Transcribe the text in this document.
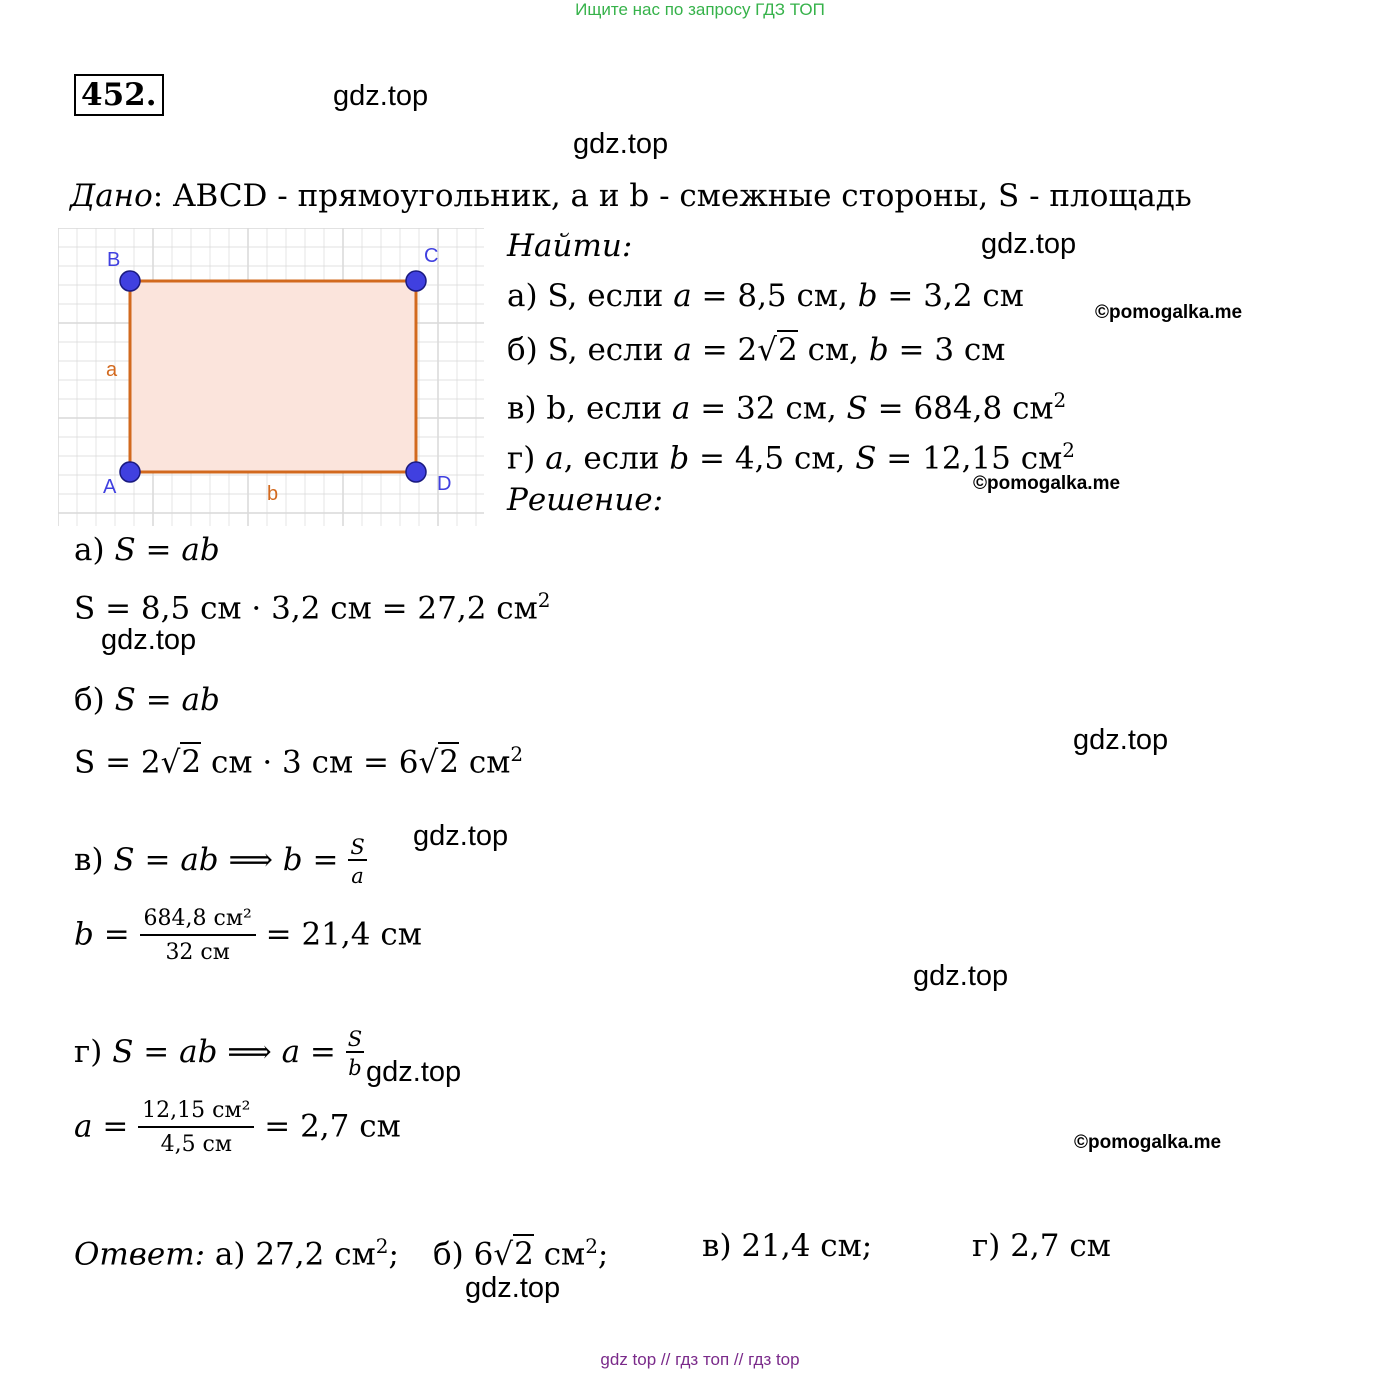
Ищите нас по запросу ГДЗ ТОП
452.	gdz.top
gdz.top
gdz.top
gdz.top
gdz.top
gdz.top
gdz.top
gdz.top
gdz.top
©pomogalka.me
©pomogalka.me
©pomogalka.me
Дано: ABCD - прямоугольник, a и b - смежные стороны, S - площадь
A
B	C
D
a
b
Найти:
а) S, если a = 8,5 см, b = 3,2 см
б) S, если a = 2√2 см, b = 3 см
в) b, если a = 32 см, S = 684,8 $см^2$
г) a, если b = 4,5 см, S = 12,15 $см^2$
Решение:
а) S = ab
S = 8,5 см · 3,2 см = 27,2 $см^2$
б) S = ab
S = 2√2 см · 3 см = 6√2 $см^2$
в) S = ab ⟹ $b = \frac{S}{a}$
$b = \frac{\text{684,8 см²}}{32 см} = 21,4$ см
г) S = ab ⟹ $a = \frac{S}{b}$
$a = \frac{\text{12,15 см²}}{4,5 см} = 2,7$ см
Ответ: а) 27,2 $см^2$; б) 6√2 $см^2$;	в) 21,4 см;	г) 2,7 см
gdz top // гдз топ // гдз top
